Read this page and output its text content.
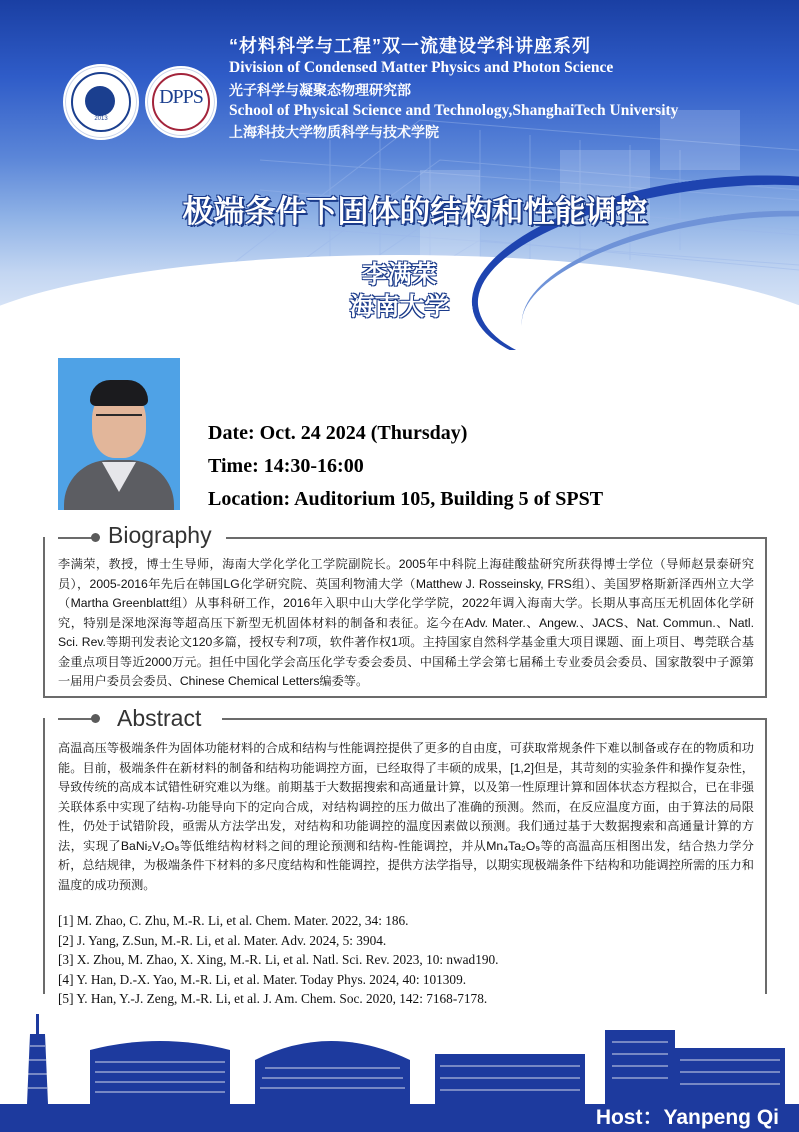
2013
DPPS
“材料科学与工程”双一流建设学科讲座系列
Division of Condensed Matter Physics and Photon Science
光子科学与凝聚态物理研究部
School of Physical Science and Technology,ShanghaiTech University
上海科技大学物质科学与技术学院
极端条件下固体的结构和性能调控
李满荣
海南大学
Date: Oct. 24 2024 (Thursday)
Time: 14:30-16:00
Location: Auditorium 105, Building 5 of SPST
Biography
李满荣，教授，博士生导师，海南大学化学化工学院副院长。2005年中科院上海硅酸盐研究所获得博士学位（导师赵景泰研究员），2005-2016年先后在韩国LG化学研究院、英国利物浦大学（Matthew J. Rosseinsky, FRS组）、美国罗格斯新泽西州立大学（Martha Greenblatt组）从事科研工作，2016年入职中山大学化学学院，2022年调入海南大学。长期从事高压无机固体化学研究，特别是深地深海等超高压下新型无机固体材料的制备和表征。迄今在Adv. Mater.、Angew.、JACS、Nat. Commun.、Natl. Sci. Rev.等期刊发表论文120多篇，授权专利7项，软件著作权1项。主持国家自然科学基金重大项目课题、面上项目、粤莞联合基金重点项目等近2000万元。担任中国化学会高压化学专委会委员、中国稀土学会第七届稀土专业委员会委员、国家散裂中子源第一届用户委员会委员、Chinese Chemical Letters编委等。
Abstract
高温高压等极端条件为固体功能材料的合成和结构与性能调控提供了更多的自由度，可获取常规条件下难以制备或存在的物质和功能。目前，极端条件在新材料的制备和结构功能调控方面，已经取得了丰硕的成果，[1,2]但是，其苛刻的实验条件和操作复杂性，导致传统的高成本试错性研究难以为继。前期基于大数据搜索和高通量计算，以及第一性原理计算和固体状态方程拟合，已在非强关联体系中实现了结构-功能导向下的定向合成，对结构调控的压力做出了准确的预测。然而，在反应温度方面，由于算法的局限性，仍处于试错阶段，亟需从方法学出发，对结构和功能调控的温度因素做以预测。我们通过基于大数据搜索和高通量计算的方法，实现了BaNi₂V₂O₈等低维结构材料之间的理论预测和结构-性能调控，并从Mn₄Ta₂O₉等的高温高压相图出发，结合热力学分析，总结规律，为极端条件下材料的多尺度结构和性能调控，提供方法学指导，以期实现极端条件下结构和功能调控所需的压力和温度的成功预测。
[1] M. Zhao, C. Zhu, M.-R. Li, et al. Chem. Mater. 2022, 34: 186.
[2] J. Yang, Z.Sun, M.-R. Li, et al. Mater. Adv. 2024, 5: 3904.
[3] X. Zhou, M. Zhao, X. Xing, M.-R. Li, et al. Natl. Sci. Rev. 2023, 10: nwad190.
[4] Y. Han, D.-X. Yao, M.-R. Li, et al. Mater. Today Phys. 2024, 40: 101309.
[5] Y. Han, Y.-J. Zeng, M.-R. Li, et al. J. Am. Chem. Soc. 2020, 142: 7168-7178.
Host：Yanpeng Qi
